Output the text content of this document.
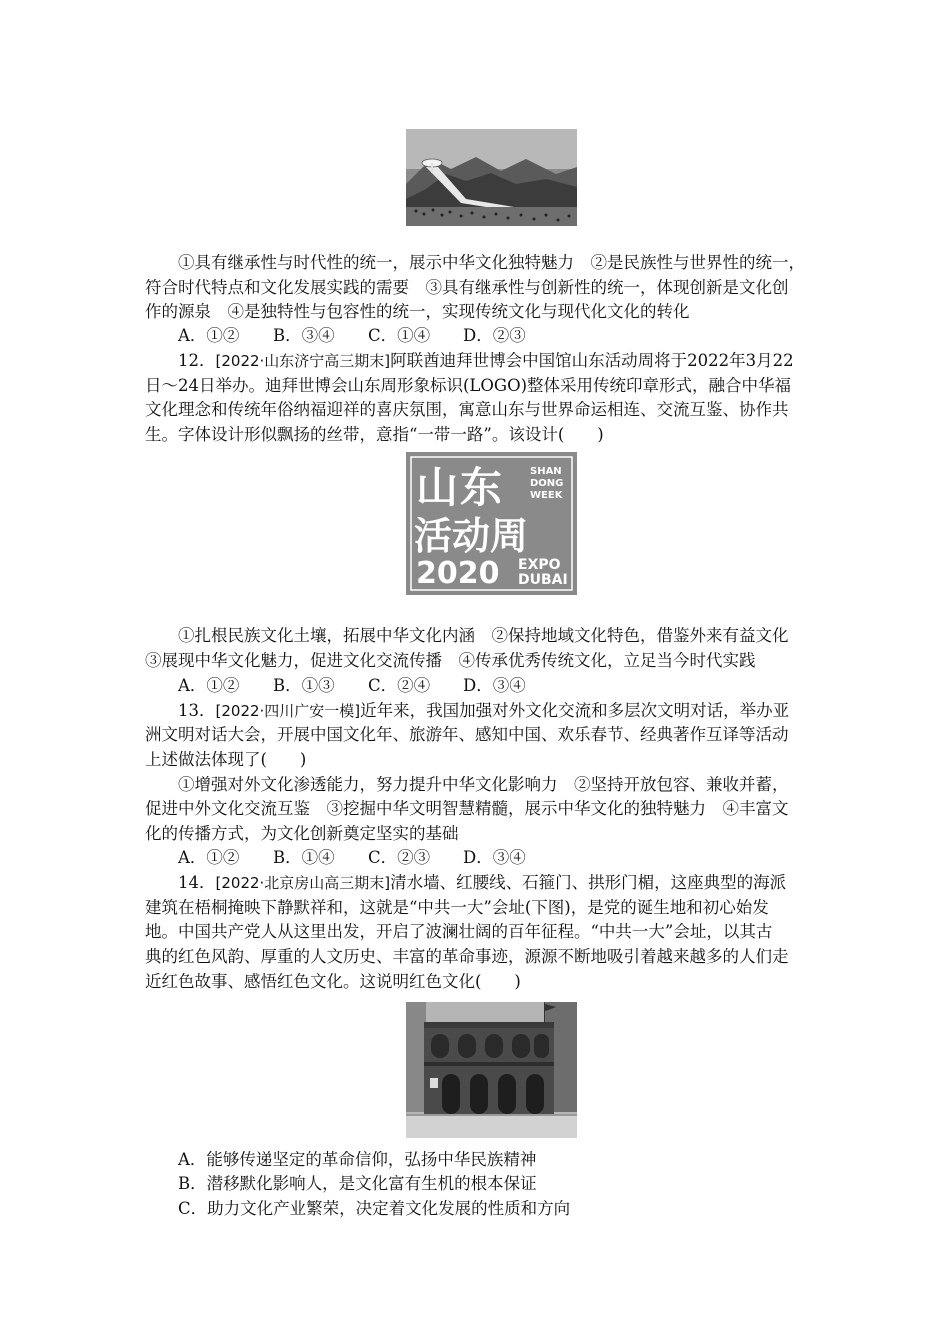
①具有继承性与时代性的统一，展示中华文化独特魅力　②是民族性与世界性的统一，

符合时代特点和文化发展实践的需要　③具有继承性与创新性的统一，体现创新是文化创

作的源泉　④是独特性与包容性的统一，实现传统文化与现代化文化的转化

A．①② B．③④ C．①④ D．②③

12．[2022·山东济宁高三期末]阿联酋迪拜世博会中国馆山东活动周将于2022年3月22

日～24日举办。迪拜世博会山东周形象标识(LOGO)整体采用传统印章形式，融合中华福

文化理念和传统年俗纳福迎祥的喜庆氛围，寓意山东与世界命运相连、交流互鉴、协作共

生。字体设计形似飘扬的丝带，意指“一带一路”。该设计(　　)

山东
活动周
2020
SHAN
DONG
WEEK
EXPO
DUBAI

①扎根民族文化土壤，拓展中华文化内涵　②保持地域文化特色，借鉴外来有益文化

③展现中华文化魅力，促进文化交流传播　④传承优秀传统文化，立足当今时代实践

A．①② B．①③ C．②④ D．③④

13．[2022·四川广安一模]近年来，我国加强对外文化交流和多层次文明对话，举办亚

洲文明对话大会，开展中国文化年、旅游年、感知中国、欢乐春节、经典著作互译等活动

上述做法体现了(　　)

①增强对外文化渗透能力，努力提升中华文化影响力　②坚持开放包容、兼收并蓄，

促进中外文化交流互鉴　③挖掘中华文明智慧精髓，展示中华文化的独特魅力　④丰富文

化的传播方式，为文化创新奠定坚实的基础

A．①② B．①④ C．②③ D．③④

14．[2022·北京房山高三期末]清水墙、红腰线、石箍门、拱形门楣，这座典型的海派

建筑在梧桐掩映下静默祥和，这就是“中共一大”会址(下图)，是党的诞生地和初心始发

地。中国共产党人从这里出发，开启了波澜壮阔的百年征程。“中共一大”会址，以其古

典的红色风韵、厚重的人文历史、丰富的革命事迹，源源不断地吸引着越来越多的人们走

近红色故事、感悟红色文化。这说明红色文化(　　)

A．能够传递坚定的革命信仰，弘扬中华民族精神

B．潜移默化影响人，是文化富有生机的根本保证

C．助力文化产业繁荣，决定着文化发展的性质和方向
